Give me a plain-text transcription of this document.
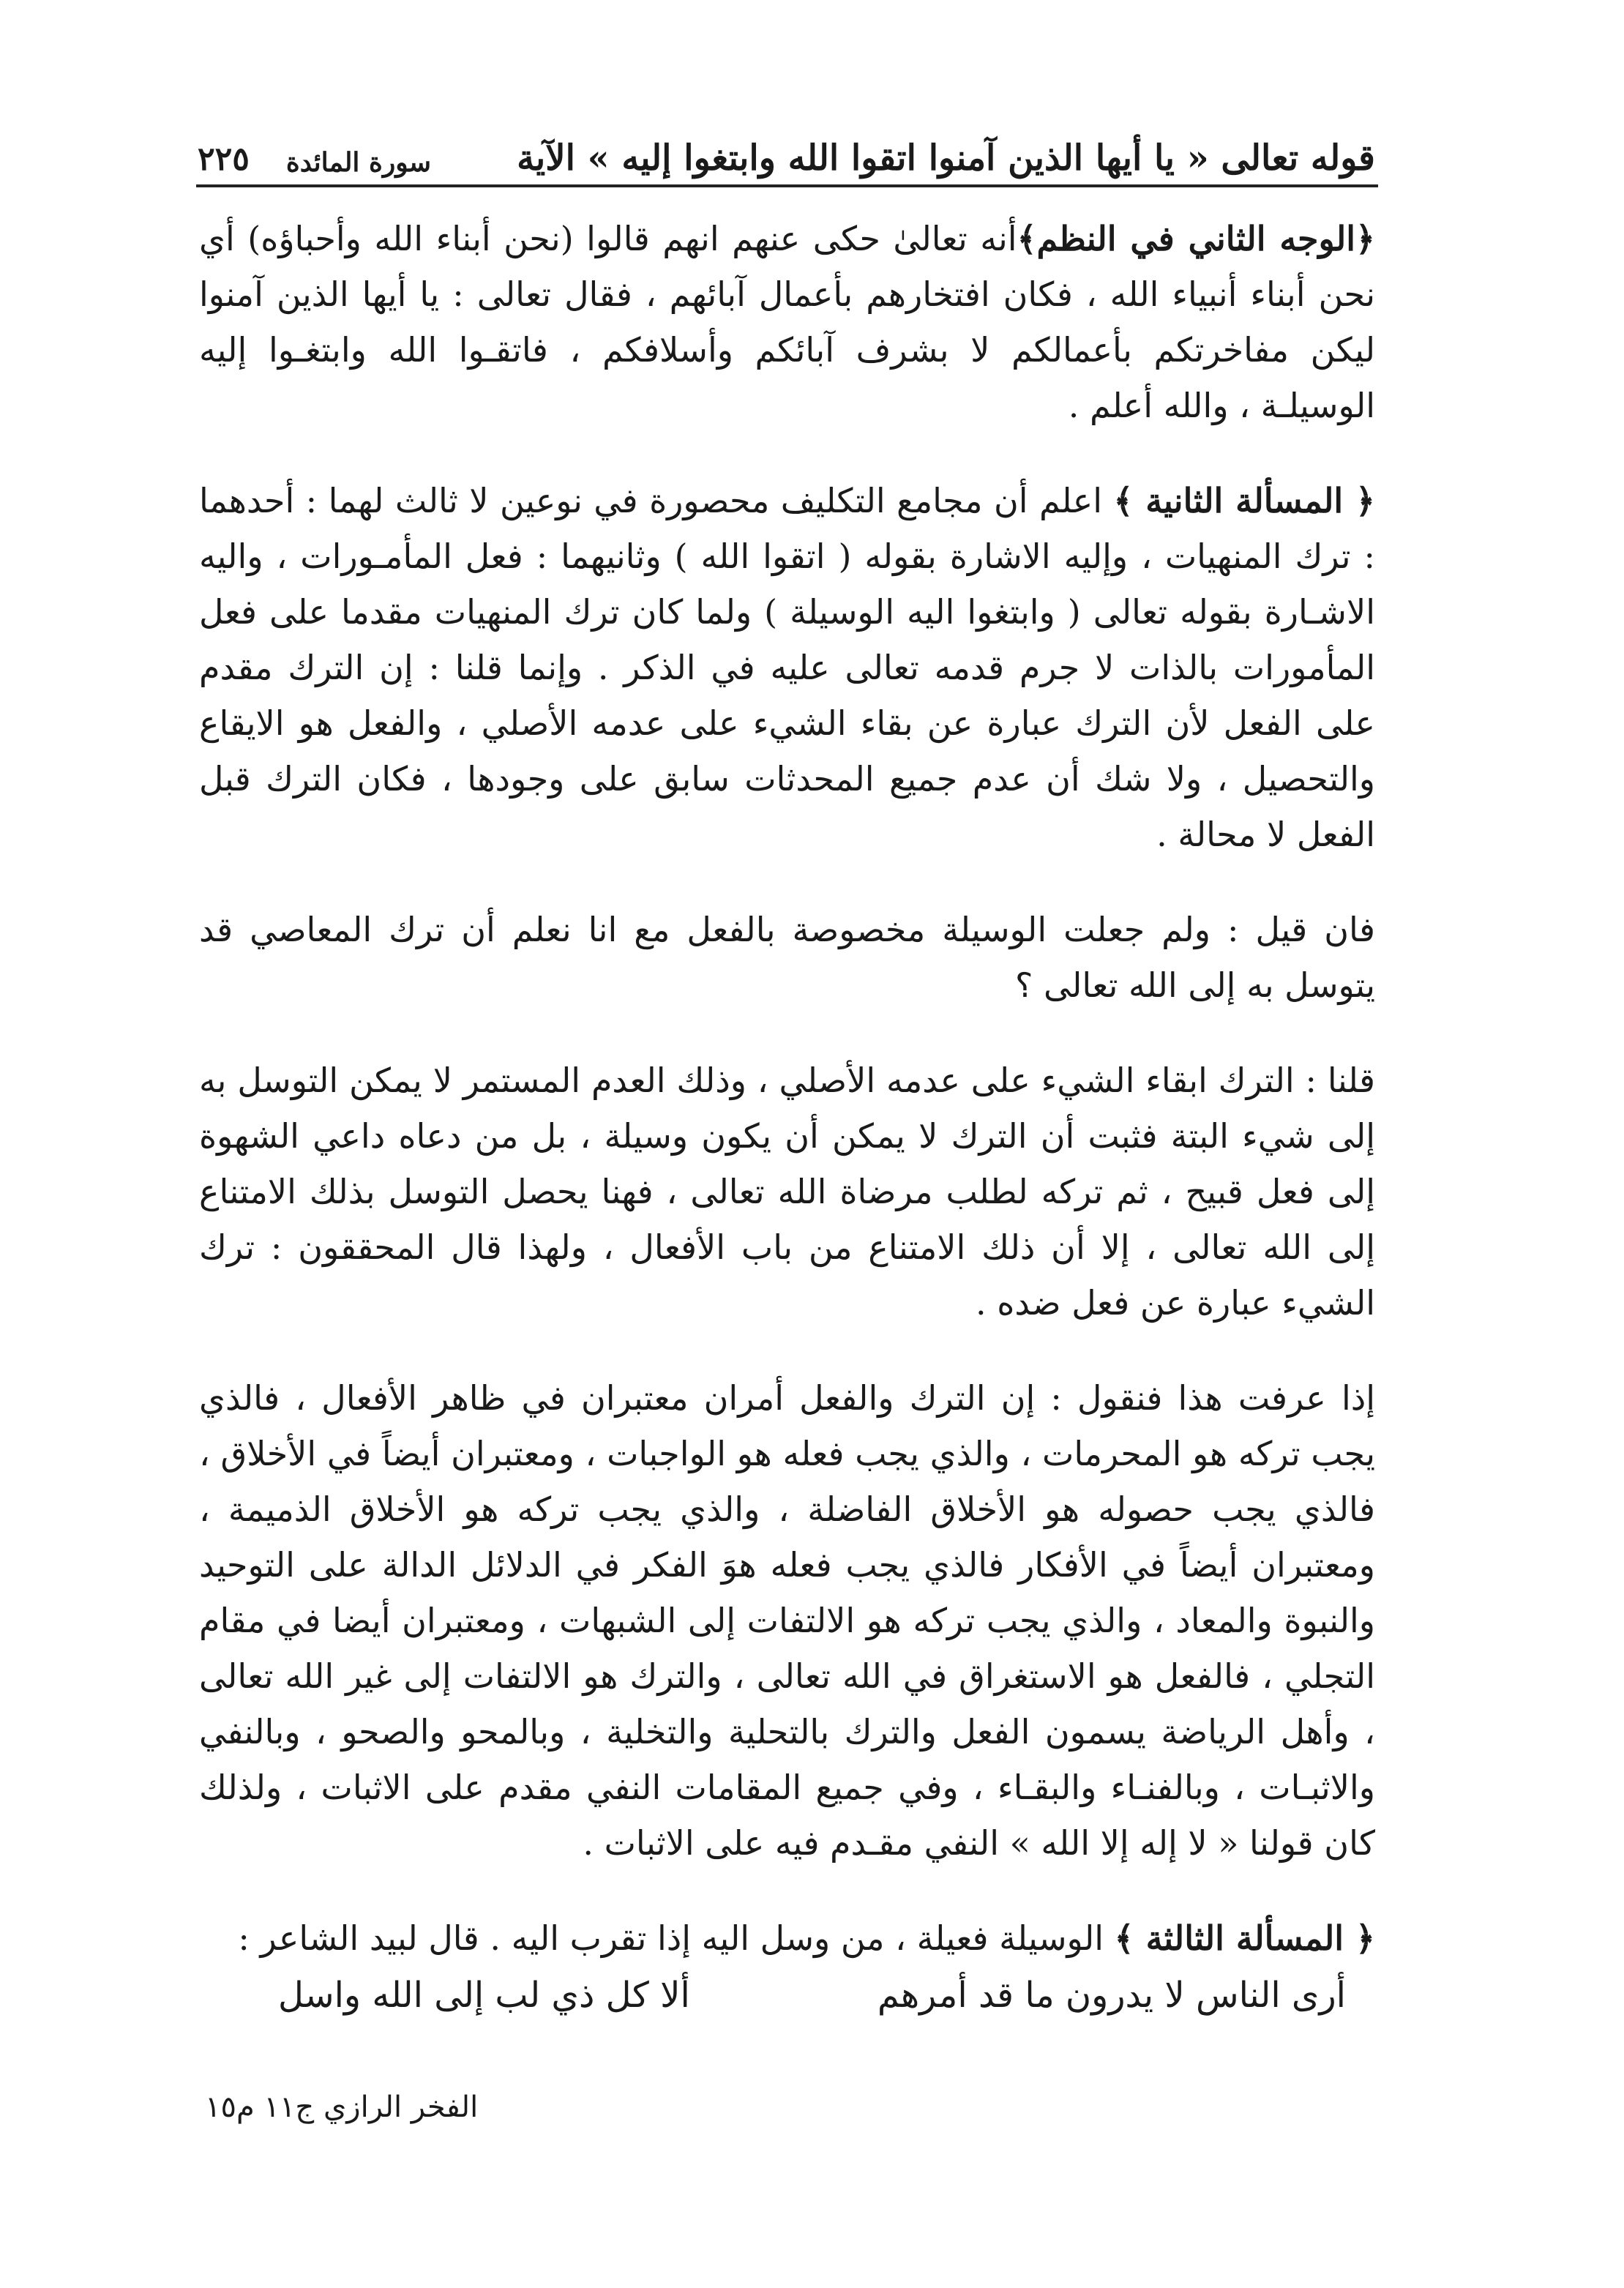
قوله تعالى « يا أيها الذين آمنوا اتقوا الله وابتغوا إليه » الآية
سورة المائدة
٢٢٥

﴿الوجه الثاني في النظم﴾أنه تعالىٰ حكى عنهم انهم قالوا (نحن أبناء الله وأحباؤه) أي نحن أبناء أنبياء الله ، فكان افتخارهم بأعمال آبائهم ، فقال تعالى : يا أيها الذين آمنوا ليكن مفاخرتكم بأعمالكم لا بشرف آبائكم وأسلافكم ، فاتقـوا الله وابتغـوا إليه الوسيلـة ، والله أعلم .

﴿ المسألة الثانية ﴾ اعلم أن مجامع التكليف محصورة في نوعين لا ثالث لهما : أحدهما : ترك المنهيات ، وإليه الاشارة بقوله ( اتقوا الله ) وثانيهما : فعل المأمـورات ، واليه الاشـارة بقوله تعالى ( وابتغوا اليه الوسيلة ) ولما كان ترك المنهيات مقدما على فعل المأمورات بالذات لا جرم قدمه تعالى عليه في الذكر . وإنما قلنا : إن الترك مقدم على الفعل لأن الترك عبارة عن بقاء الشيء على عدمه الأصلي ، والفعل هو الايقاع والتحصيل ، ولا شك أن عدم جميع المحدثات سابق على وجودها ، فكان الترك قبل الفعل لا محالة .

فان قيل : ولم جعلت الوسيلة مخصوصة بالفعل مع انا نعلم أن ترك المعاصي قد يتوسل به إلى الله تعالى ؟

قلنا : الترك ابقاء الشيء على عدمه الأصلي ، وذلك العدم المستمر لا يمكن التوسل به إلى شيء البتة فثبت أن الترك لا يمكن أن يكون وسيلة ، بل من دعاه داعي الشهوة إلى فعل قبيح ، ثم تركه لطلب مرضاة الله تعالى ، فهنا يحصل التوسل بذلك الامتناع إلى الله تعالى ، إلا أن ذلك الامتناع من باب الأفعال ، ولهذا قال المحققون : ترك الشيء عبارة عن فعل ضده .

إذا عرفت هذا فنقول : إن الترك والفعل أمران معتبران في ظاهر الأفعال ، فالذي يجب تركه هو المحرمات ، والذي يجب فعله هو الواجبات ، ومعتبران أيضاً في الأخلاق ، فالذي يجب حصوله هو الأخلاق الفاضلة ، والذي يجب تركه هو الأخلاق الذميمة ، ومعتبران أيضاً في الأفكار فالذي يجب فعله هوَ الفكر في الدلائل الدالة على التوحيد والنبوة والمعاد ، والذي يجب تركه هو الالتفات إلى الشبهات ، ومعتبران أيضا في مقام التجلي ، فالفعل هو الاستغراق في الله تعالى ، والترك هو الالتفات إلى غير الله تعالى ، وأهل الرياضة يسمون الفعل والترك بالتحلية والتخلية ، وبالمحو والصحو ، وبالنفي والاثبـات ، وبالفنـاء والبقـاء ، وفي جميع المقامات النفي مقدم على الاثبات ، ولذلك كان قولنا « لا إله إلا الله » النفي مقـدم فيه على الاثبات .

﴿ المسألة الثالثة ﴾ الوسيلة فعيلة ، من وسل اليه إذا تقرب اليه . قال لبيد الشاعر :

أرى الناس لا يدرون ما قد أمرهم
ألا كل ذي لب إلى الله واسل
الفخر الرازي ج١١ م١٥
